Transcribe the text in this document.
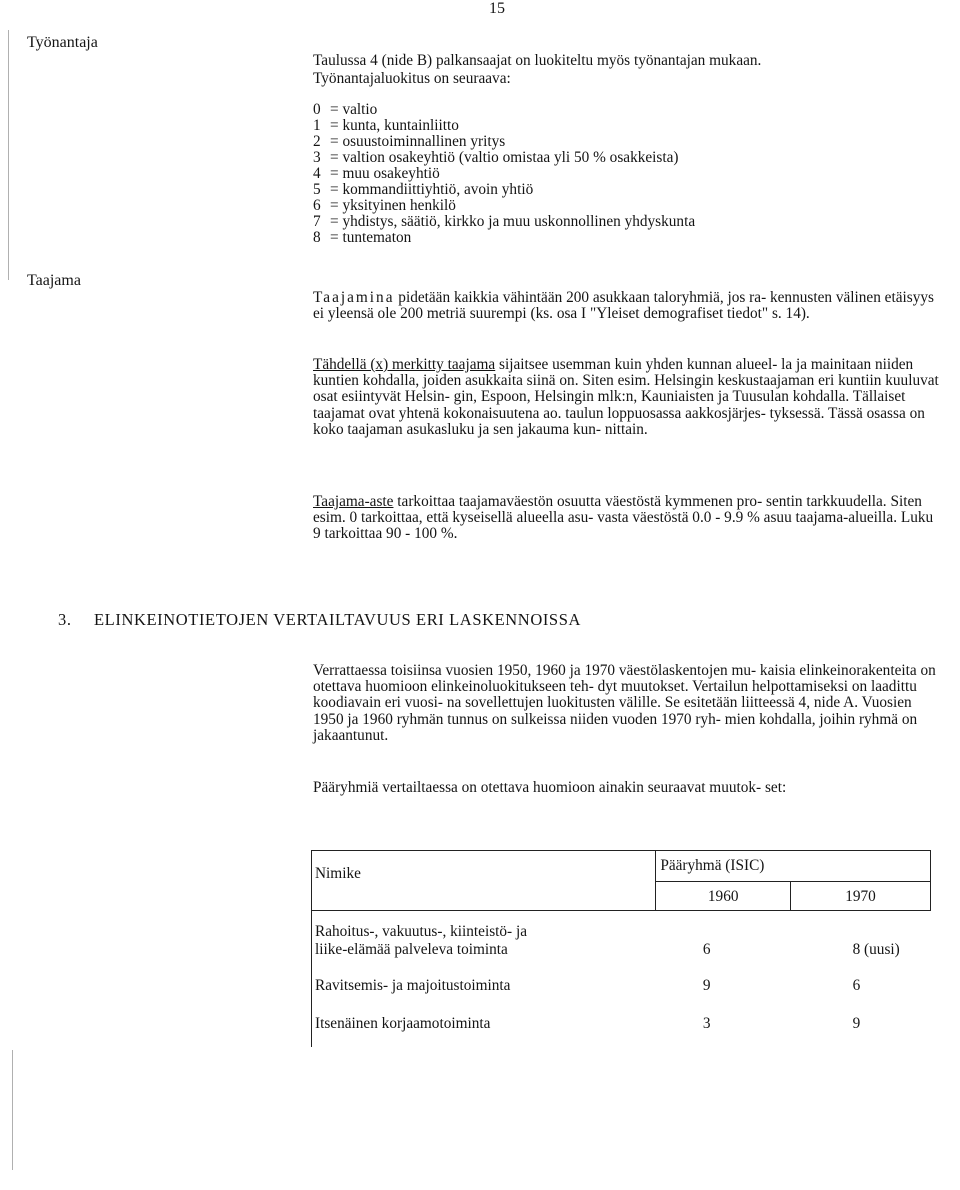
15
Työnantaja
Taajama
Taulussa 4 (nide B) palkansaajat on luokiteltu myös työnantajan mukaan.
Työnantajaluokitus on seuraava:
0 = valtio
1 = kunta, kuntainliitto
2 = osuustoiminnallinen yritys
3 = valtion osakeyhtiö (valtio omistaa yli 50 % osakkeista)
4 = muu osakeyhtiö
5 = kommandiittiyhtiö, avoin yhtiö
6 = yksityinen henkilö
7 = yhdistys, säätiö, kirkko ja muu uskonnollinen yhdyskunta
8 = tuntematon

Taajamina pidetään kaikkia vähintään 200 asukkaan taloryhmiä, jos ra- kennusten välinen etäisyys ei yleensä ole 200 metriä suurempi (ks. osa I "Yleiset demografiset tiedot" s. 14).

Tähdellä (x) merkitty taajama sijaitsee usemman kuin yhden kunnan alueel- la ja mainitaan niiden kuntien kohdalla, joiden asukkaita siinä on. Siten esim. Helsingin keskustaajaman eri kuntiin kuuluvat osat esiintyvät Helsin- gin, Espoon, Helsingin mlk:n, Kauniaisten ja Tuusulan kohdalla. Tällaiset taajamat ovat yhtenä kokonaisuutena ao. taulun loppuosassa aakkosjärjes- tyksessä. Tässä osassa on koko taajaman asukasluku ja sen jakauma kun- nittain.

Taajama-aste tarkoittaa taajamaväestön osuutta väestöstä kymmenen pro- sentin tarkkuudella. Siten esim. 0 tarkoittaa, että kyseisellä alueella asu- vasta väestöstä 0.0 - 9.9 % asuu taajama-alueilla. Luku 9 tarkoittaa 90 - 100 %.

3. ELINKEINOTIETOJEN VERTAILTAVUUS ERI LASKENNOISSA

Verrattaessa toisiinsa vuosien 1950, 1960 ja 1970 väestölaskentojen mu- kaisia elinkeinorakenteita on otettava huomioon elinkeinoluokitukseen teh- dyt muutokset. Vertailun helpottamiseksi on laadittu koodiavain eri vuosi- na sovellettujen luokitusten välille. Se esitetään liitteessä 4, nide A. Vuosien 1950 ja 1960 ryhmän tunnus on sulkeissa niiden vuoden 1970 ryh- mien kohdalla, joihin ryhmä on jakaantunut.

Pääryhmiä vertailtaessa on otettava huomioon ainakin seuraavat muutok- set:

Nimike	Pääryhmä (ISIC)	
	1960	1970

Rahoitus-, vakuutus-, kiinteistö- ja
liike-elämää palveleva toiminta	6	8 (uusi)
Ravitsemis- ja majoitustoiminta	9	6
Itsenäinen korjaamotoiminta	3	9
